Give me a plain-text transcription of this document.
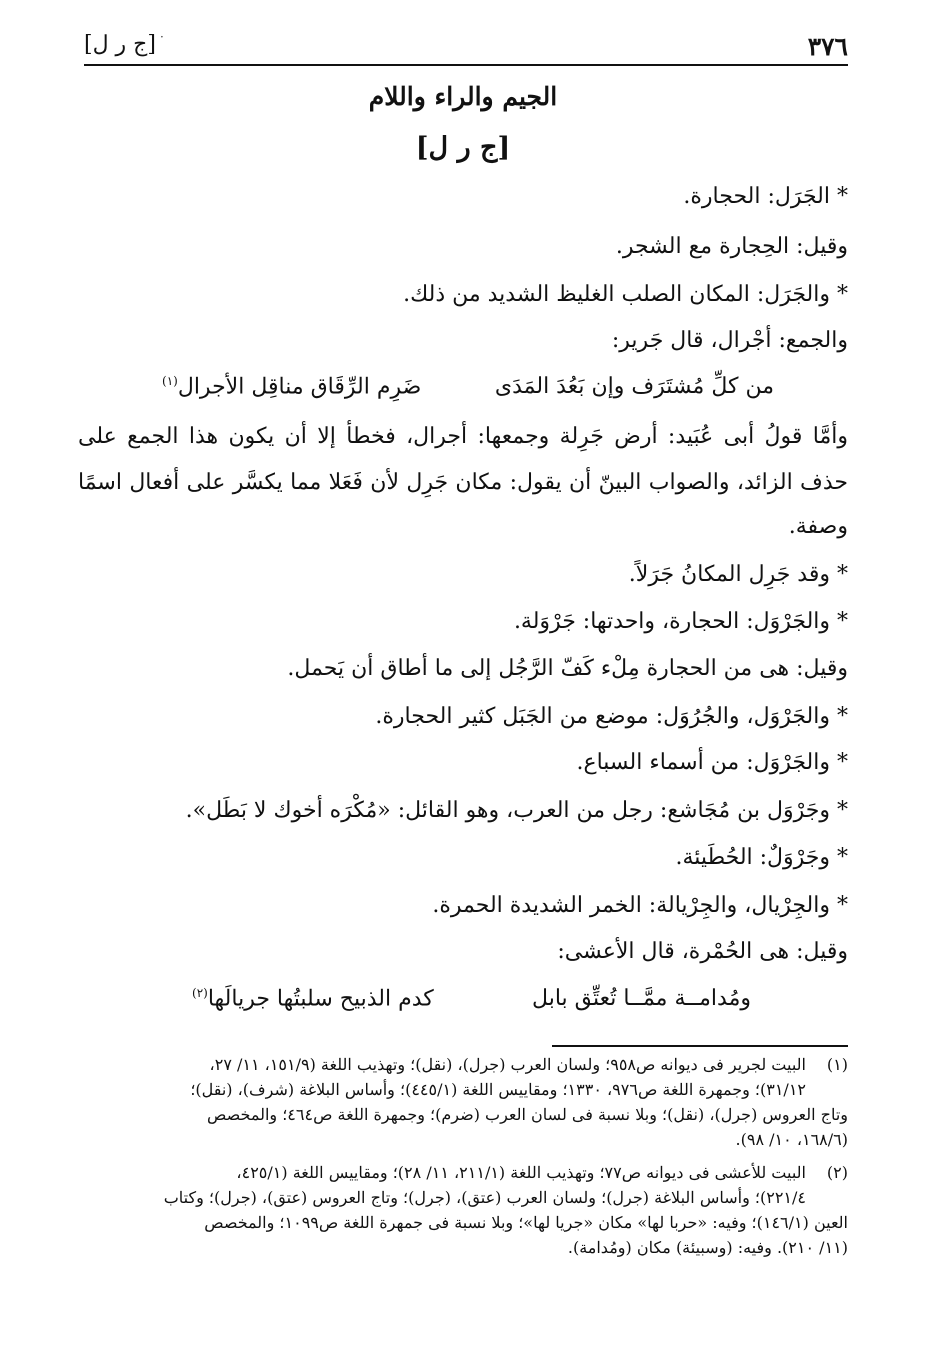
٣٧٦
·
[ج ر ل]
الجيم والراء واللام
[ج ر ل]
* الجَرَل: الحجارة.
وقيل: الحِجارة مع الشجر.
* والجَرَل: المكان الصلب الغليظ الشديد من ذلك.
والجمع: أجْرال، قال جَرير:
من كلِّ مُشتَرَف وإن بَعُدَ المَدَى
ضَرِم الرِّقَاق مناقِل الأجرال$^{(١)}$
وأمَّا قولُ أبى عُبَيد: أرض جَرِلة وجمعها: أجرال، فخطأ إلا أن يكون هذا الجمع على
حذف الزائد، والصواب البينّ أن يقول: مكان جَرِل لأن فَعَلا مما يكسَّر على أفعال اسمًا
وصفة.
* وقد جَرِل المكانُ جَرَلاً.
* والجَرْوَل: الحجارة، واحدتها: جَرْوَلة.
وقيل: هى من الحجارة مِلْء كَفّ الرَّجُل إلى ما أطاق أن يَحمل.
* والجَرْوَل، والجُرُوَل: موضع من الجَبَل كثير الحجارة.
* والجَرْوَل: من أسماء السباع.
* وجَرْوَل بن مُجَاشع: رجل من العرب، وهو القائل: «مُكْرَه أخوك لا بَطَل».
* وجَرْوَلٌ: الحُطَيئة.
* والجِرْيال، والجِرْيالة: الخمر الشديدة الحمرة.
وقيل: هى الحُمْرة، قال الأعشى:
ومُدامــة ممَّــا تُعتِّق بابل
كدم الذبيح سلبتُها جريالَها$^{(٢)}$
(١)
البيت لجرير فى ديوانه ص٩٥٨؛ ولسان العرب (جرل)، (نقل)؛ وتهذيب اللغة (١٥١/٩، ١١/ ٢٧،
٣١/١٢)؛ وجمهرة اللغة ص٩٧٦، ١٣٣٠؛ ومقاييس اللغة (٤٤٥/١)؛ وأساس البلاغة (شرف)، (نقل)؛
وتاج العروس (جرل)، (نقل)؛ وبلا نسبة فى لسان العرب (ضرم)؛ وجمهرة اللغة ص٤٦٤؛ والمخصص
(١٦٨/٦، ١٠/ ٩٨).
(٢)
البيت للأعشى فى ديوانه ص٧٧؛ وتهذيب اللغة (٢١١/١، ١١/ ٢٨)؛ ومقاييس اللغة (٤٢٥/١،
٢٢١/٤)؛ وأساس البلاغة (جرل)؛ ولسان العرب (عتق)، (جرل)؛ وتاج العروس (عتق)، (جرل)؛ وكتاب
العين (١٤٦/١)؛ وفيه: «حربا لها» مكان «جريا لها»؛ وبلا نسبة فى جمهرة اللغة ص١٠٩٩؛ والمخصص
(١١/ ٢١٠). وفيه: (وسبيئة) مكان (ومُدامة).
